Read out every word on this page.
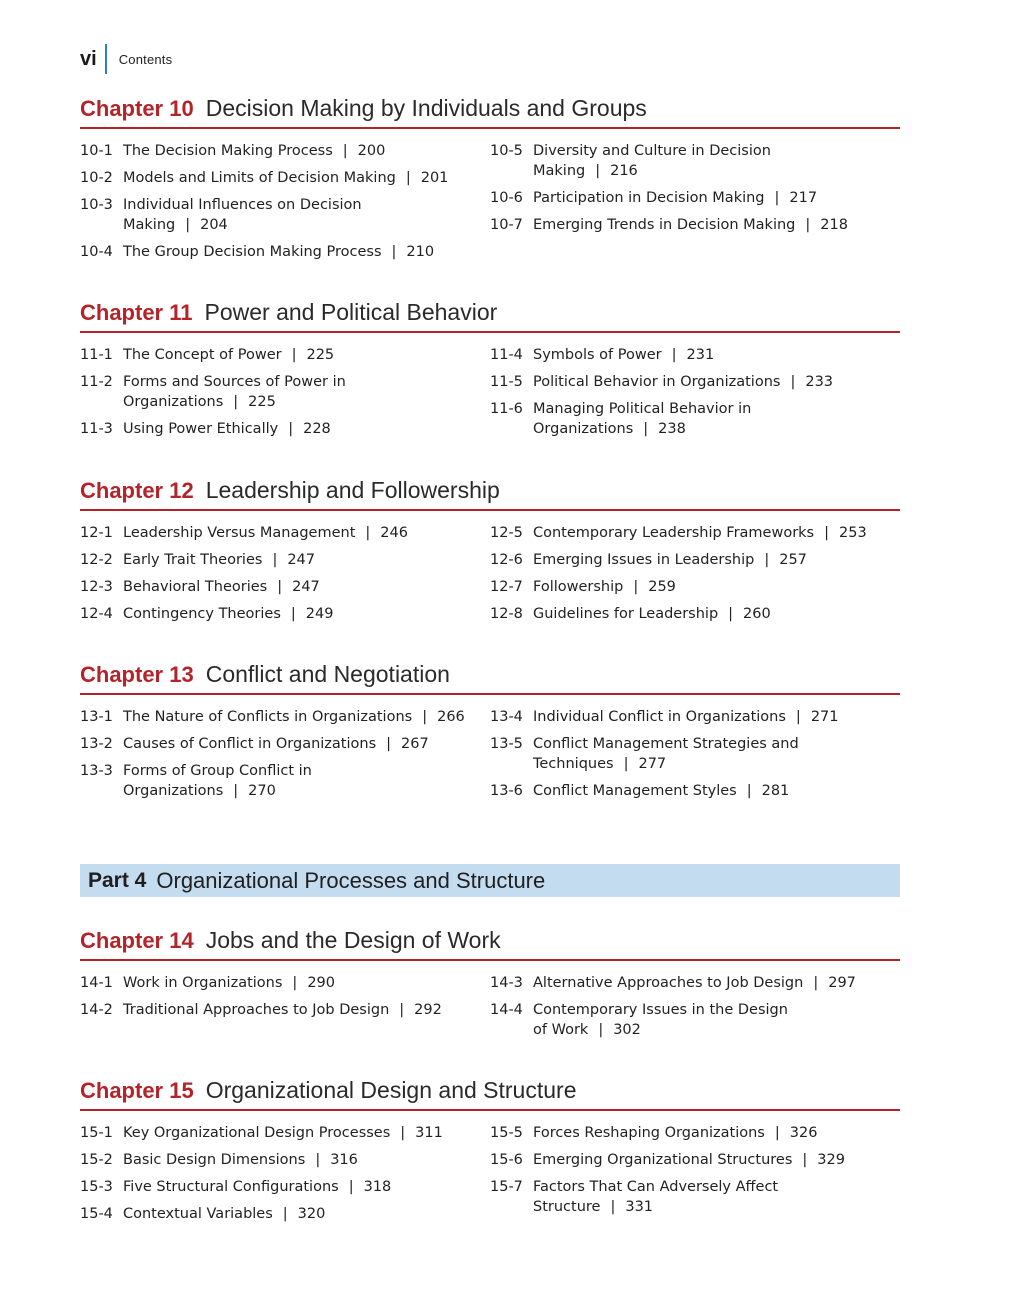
vi Contents
Chapter 10 Decision Making by Individuals and Groups
10-1 The Decision Making Process | 200
10-2 Models and Limits of Decision Making | 201
10-3 Individual Influences on Decision
Making | 204
10-4 The Group Decision Making Process | 210
10-5 Diversity and Culture in Decision
Making | 216
10-6 Participation in Decision Making | 217
10-7 Emerging Trends in Decision Making | 218
Chapter 11 Power and Political Behavior
11-1 The Concept of Power | 225
11-2 Forms and Sources of Power in
Organizations | 225
11-3 Using Power Ethically | 228
11-4 Symbols of Power | 231
11-5 Political Behavior in Organizations | 233
11-6 Managing Political Behavior in
Organizations | 238
Chapter 12 Leadership and Followership
12-1 Leadership Versus Management | 246
12-2 Early Trait Theories | 247
12-3 Behavioral Theories | 247
12-4 Contingency Theories | 249
12-5 Contemporary Leadership Frameworks | 253
12-6 Emerging Issues in Leadership | 257
12-7 Followership | 259
12-8 Guidelines for Leadership | 260
Chapter 13 Conflict and Negotiation
13-1 The Nature of Conflicts in Organizations | 266
13-2 Causes of Conflict in Organizations | 267
13-3 Forms of Group Conflict in
Organizations | 270
13-4 Individual Conflict in Organizations | 271
13-5 Conflict Management Strategies and
Techniques | 277
13-6 Conflict Management Styles | 281
Part 4 Organizational Processes and Structure
Chapter 14 Jobs and the Design of Work
14-1 Work in Organizations | 290
14-2 Traditional Approaches to Job Design | 292
14-3 Alternative Approaches to Job Design | 297
14-4 Contemporary Issues in the Design
of Work | 302
Chapter 15 Organizational Design and Structure
15-1 Key Organizational Design Processes | 311
15-2 Basic Design Dimensions | 316
15-3 Five Structural Configurations | 318
15-4 Contextual Variables | 320
15-5 Forces Reshaping Organizations | 326
15-6 Emerging Organizational Structures | 329
15-7 Factors That Can Adversely Affect
Structure | 331
